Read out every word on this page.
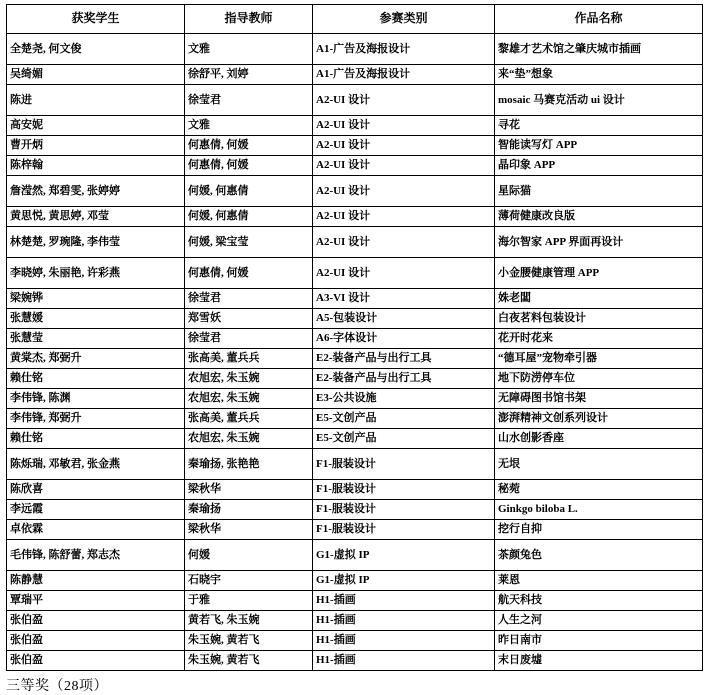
获奖学生	指导教师	参赛类别	作品名称
全楚尧, 何文俊	文雅	A1-广告及海报设计	黎雄才艺术馆之肇庆城市插画
吴绮媚	徐舒平, 刘婷	A1-广告及海报设计	来“垫”想象
陈进	徐莹君	A2-UI 设计	mosaic 马赛克活动 ui 设计
高安妮	文雅	A2-UI 设计	寻花
曹开炳	何惠倩, 何媛	A2-UI 设计	智能读写灯 APP
陈梓翰	何惠倩, 何媛	A2-UI 设计	晶印象 APP
詹滢然, 郑碧雯, 张婷婷	何媛, 何惠倩	A2-UI 设计	星际猫
黄思悦, 黄思婷, 邓莹	何媛, 何惠倩	A2-UI 设计	薄荷健康改良版
林楚楚, 罗琬隆, 李伟莹	何媛, 梁宝莹	A2-UI 设计	海尔智家 APP 界面再设计
李晓婷, 朱丽艳, 许彩燕	何惠倩, 何媛	A2-UI 设计	小金腰健康管理 APP
梁婉铧	徐莹君	A3-VI 设计	姝老闆
张慧媛	郑雪妖	A5-包装设计	白夜茗料包装设计
张慧莹	徐莹君	A6-字体设计	花开时花来
黄棠杰, 郑弼升	张高美, 董兵兵	E2-装备产品与出行工具	“德耳屋”宠物牵引器
赖仕铭	农旭宏, 朱玉婉	E2-装备产品与出行工具	地下防涝停车位
李伟锋, 陈渊	农旭宏, 朱玉婉	E3-公共设施	无障碍图书馆书架
李伟锋, 郑弼升	张高美, 董兵兵	E5-文创产品	澎湃精神文创系列设计
赖仕铭	农旭宏, 朱玉婉	E5-文创产品	山水创影香座
陈烁瑞, 邓敏君, 张金燕	秦瑜扬, 张艳艳	F1-服装设计	无垠
陈欣喜	梁秋华	F1-服装设计	秘菀
李远霞	秦瑜扬	F1-服装设计	Ginkgo biloba L.
卓依霖	梁秋华	F1-服装设计	挖行自抑
毛伟锋, 陈舒蕾, 郑志杰	何媛	G1-虚拟 IP	茶颜兔色
陈静慧	石晓宇	G1-虚拟 IP	莱恩
覃瑞平	于雅	H1-插画	航天科技
张伯盈	黄若飞, 朱玉婉	H1-插画	人生之河
张伯盈	朱玉婉, 黄若飞	H1-插画	昨日南市
张伯盈	朱玉婉, 黄若飞	H1-插画	末日废墟
三等奖（28项）
